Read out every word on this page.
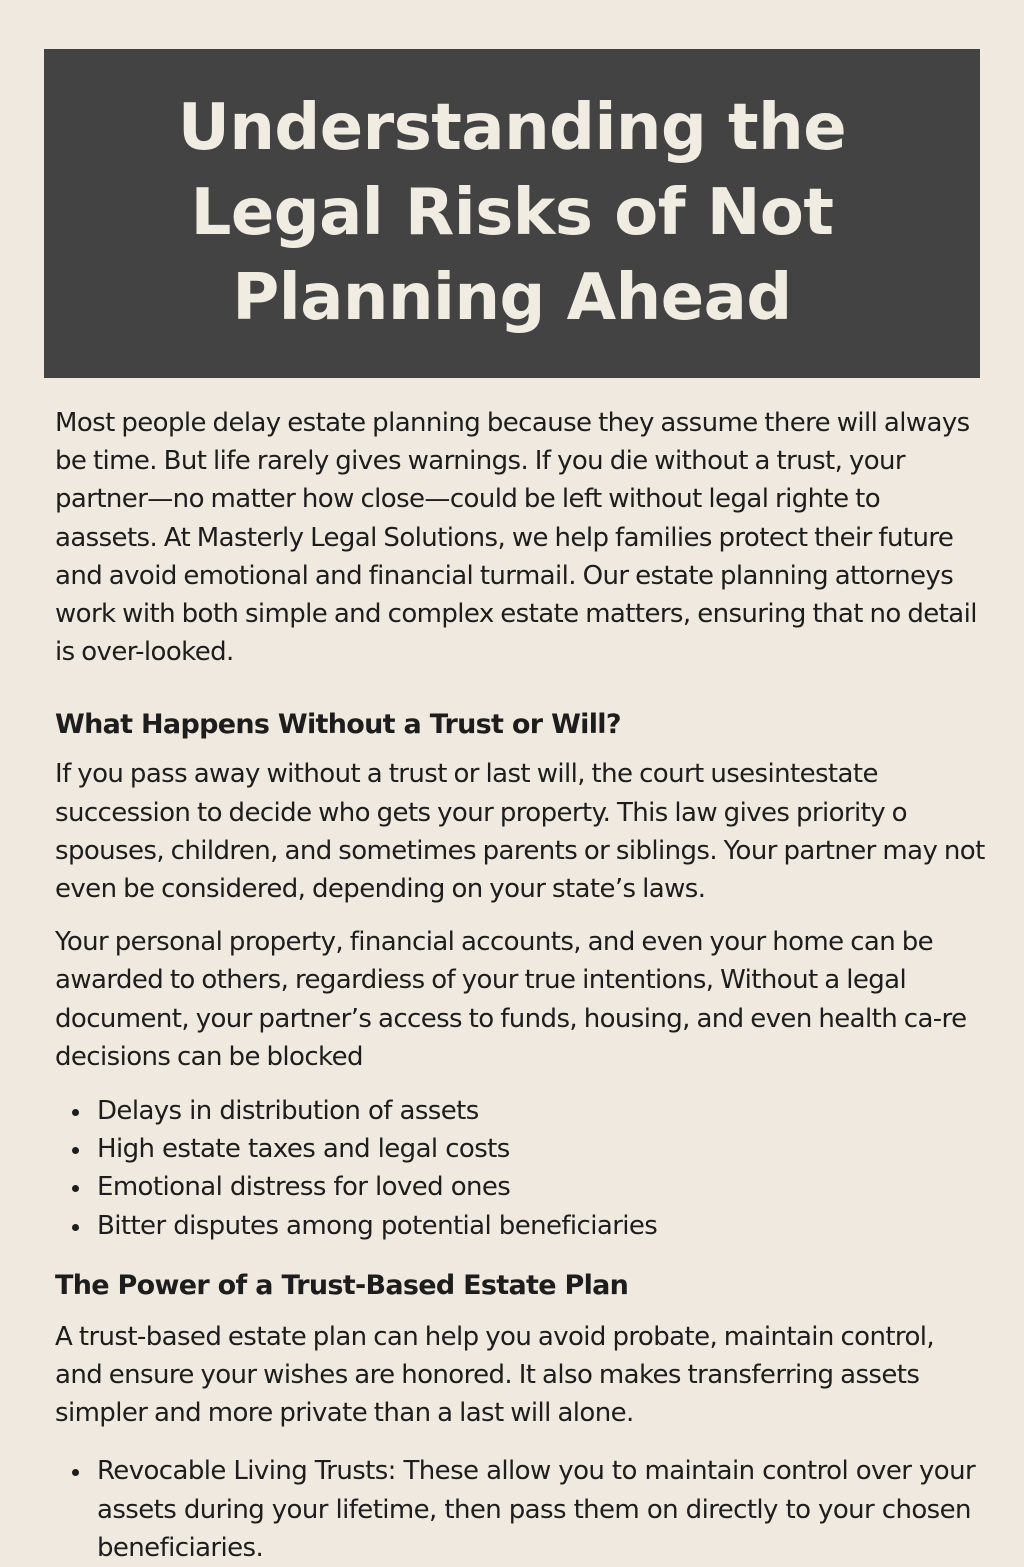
Understanding the Legal Risks of Not Planning Ahead

Most people delay estate planning because they assume there will always be time. But life rarely gives warnings. If you die without a trust, your partner—no matter how close—could be left without legal righte to aassets. At Masterly Legal Solutions, we help families protect their future and avoid emotional and financial turmail. Our estate planning attorneys work with both simple and complex estate matters, ensuring that no detail is over-looked.

What Happens Without a Trust or Will?

If you pass away without a trust or last will, the court usesintestate succession to decide who gets your property. This law gives priority o spouses, children, and sometimes parents or siblings. Your partner may not even be considered, depending on your state’s laws.

Your personal property, financial accounts, and even your home can be awarded to others, regardiess of your true intentions, Without a legal document, your partner’s access to funds, housing, and even health ca-re decisions can be blocked

Delays in distribution of assets
High estate taxes and legal costs
Emotional distress for loved ones
Bitter disputes among potential beneficiaries
The Power of a Trust-Based Estate Plan

A trust-based estate plan can help you avoid probate, maintain control, and ensure your wishes are honored. It also makes transferring assets simpler and more private than a last will alone.

Revocable Living Trusts: These allow you to maintain control over your assets during your lifetime, then pass them on directly to your chosen beneficiaries.
